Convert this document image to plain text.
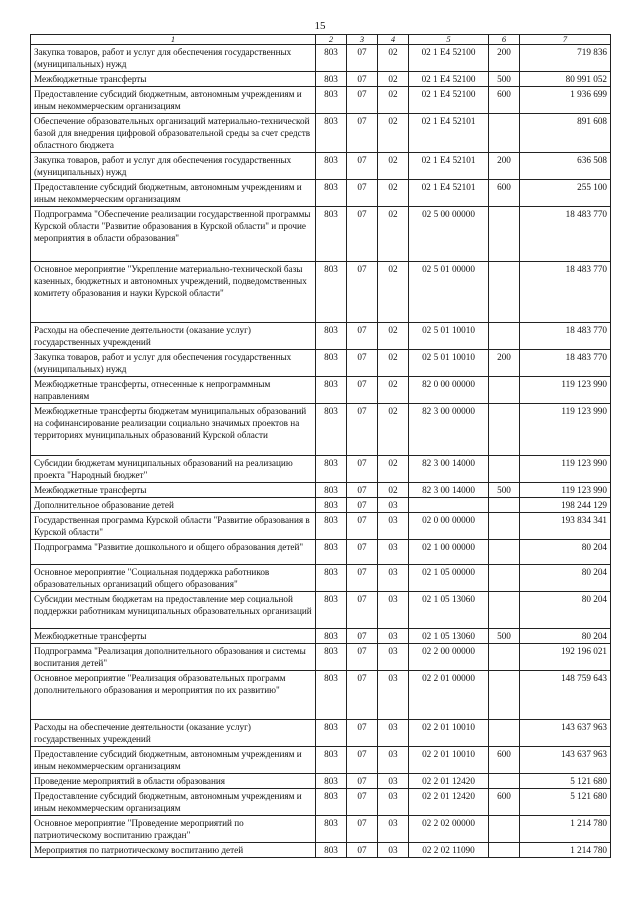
15
1	2	3	4	5	6	7
Закупка товаров, работ и услуг для обеспечения государственных (муниципальных) нужд	803	07	02	02 1 E4 52100	200	719 836
Межбюджетные трансферты	803	07	02	02 1 E4 52100	500	80 991 052
Предоставление субсидий бюджетным, автономным учреждениям и иным некоммерческим организациям	803	07	02	02 1 E4 52100	600	1 936 699
Обеспечение образовательных организаций материально-технической базой для внедрения цифровой образовательной среды за счет средств областного бюджета	803	07	02	02 1 E4 52101		891 608
Закупка товаров, работ и услуг для обеспечения государственных (муниципальных) нужд	803	07	02	02 1 E4 52101	200	636 508
Предоставление субсидий бюджетным, автономным учреждениям и иным некоммерческим организациям	803	07	02	02 1 E4 52101	600	255 100
Подпрограмма "Обеспечение реализации государственной программы Курской области "Развитие образования в Курской области" и прочие мероприятия в области образования"	803	07	02	02 5 00 00000		18 483 770
Основное мероприятие "Укрепление материально-технической базы казенных, бюджетных и автономных учреждений, подведомственных комитету образования и науки Курской области"	803	07	02	02 5 01 00000		18 483 770
Расходы на обеспечение деятельности (оказание услуг) государственных учреждений	803	07	02	02 5 01 10010		18 483 770
Закупка товаров, работ и услуг для обеспечения государственных (муниципальных) нужд	803	07	02	02 5 01 10010	200	18 483 770
Межбюджетные трансферты, отнесенные к непрограммным направлениям	803	07	02	82 0 00 00000		119 123 990
Межбюджетные трансферты бюджетам муниципальных образований на софинансирование реализации социально значимых проектов на территориях муниципальных образований Курской области	803	07	02	82 3 00 00000		119 123 990
Субсидии бюджетам муниципальных образований на реализацию проекта "Народный бюджет"	803	07	02	82 3 00 14000		119 123 990
Межбюджетные трансферты	803	07	02	82 3 00 14000	500	119 123 990
Дополнительное образование детей	803	07	03			198 244 129
Государственная программа Курской области "Развитие образования в Курской области"	803	07	03	02 0 00 00000		193 834 341
Подпрограмма "Развитие дошкольного и общего образования детей"	803	07	03	02 1 00 00000		80 204
Основное мероприятие "Социальная поддержка работников образовательных организаций общего образования"	803	07	03	02 1 05 00000		80 204
Субсидии местным бюджетам на предоставление мер социальной поддержки работникам муниципальных образовательных организаций	803	07	03	02 1 05 13060		80 204
Межбюджетные трансферты	803	07	03	02 1 05 13060	500	80 204
Подпрограмма "Реализация дополнительного образования и системы воспитания детей"	803	07	03	02 2 00 00000		192 196 021
Основное мероприятие "Реализация образовательных программ дополнительного образования и мероприятия по их развитию"	803	07	03	02 2 01 00000		148 759 643
Расходы на обеспечение деятельности (оказание услуг) государственных учреждений	803	07	03	02 2 01 10010		143 637 963
Предоставление субсидий бюджетным, автономным учреждениям и иным некоммерческим организациям	803	07	03	02 2 01 10010	600	143 637 963
Проведение мероприятий в области образования	803	07	03	02 2 01 12420		5 121 680
Предоставление субсидий бюджетным, автономным учреждениям и иным некоммерческим организациям	803	07	03	02 2 01 12420	600	5 121 680
Основное мероприятие "Проведение мероприятий по патриотическому воспитанию граждан"	803	07	03	02 2 02 00000		1 214 780
Мероприятия по патриотическому воспитанию детей	803	07	03	02 2 02 11090		1 214 780
